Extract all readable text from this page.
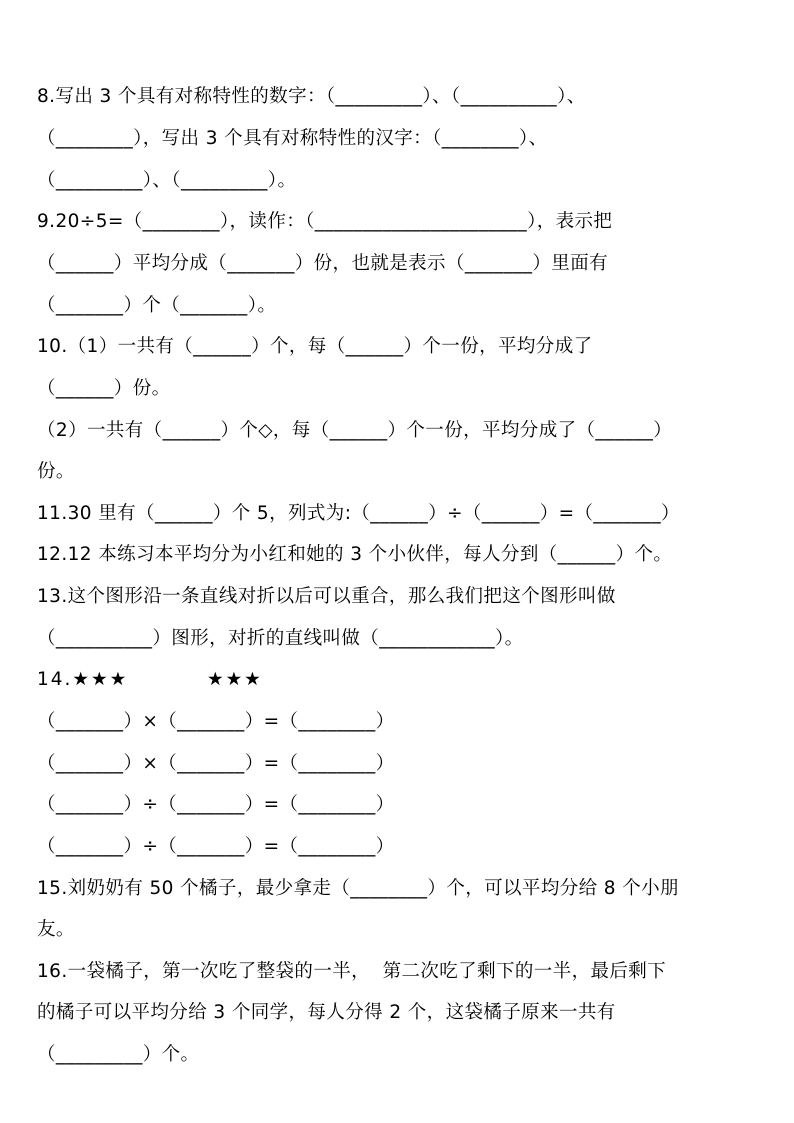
8.写出 3 个具有对称特性的数字：（_________）、（__________）、
（________），写出 3 个具有对称特性的汉字：（________）、
（_________）、（_________）。
9.20÷5=（________），读作：（______________________），表示把
（______）平均分成（_______）份，也就是表示（_______）里面有
（_______）个（_______）。
10.（1）一共有（______）个，每（______）个一份，平均分成了
（______）份。
（2）一共有（______）个◇，每（______）个一份，平均分成了（______）
份。
11.30 里有（______）个 5，列式为:（______）÷（______）=（_______）
12.12 本练习本平均分为小红和她的 3 个小伙伴，每人分到（______）个。
13.这个图形沿一条直线对折以后可以重合，那么我们把这个图形叫做
（__________）图形，对折的直线叫做（____________）。
14.★★★          ★★★
（_______）×（_______）=（________）
（_______）×（_______）=（________）
（_______）÷（_______）=（________）
（_______）÷（_______）=（________）
15.刘奶奶有 50 个橘子，最少拿走（________）个，可以平均分给 8 个小朋
友。
16.一袋橘子，第一次吃了整袋的一半，  第二次吃了剩下的一半，最后剩下
的橘子可以平均分给 3 个同学，每人分得 2 个，这袋橘子原来一共有
（_________）个。
